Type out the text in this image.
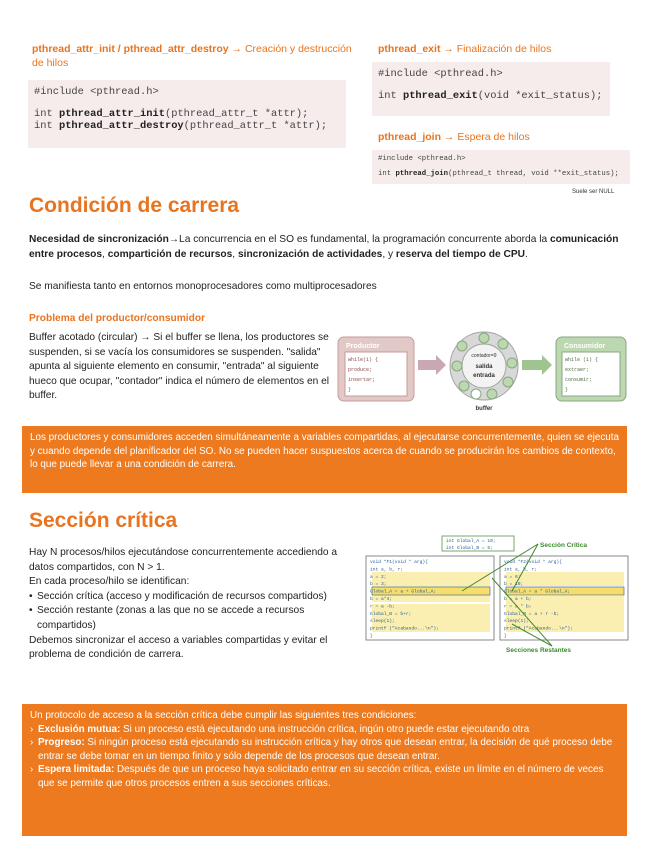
pthread_attr_init / pthread_attr_destroy → Creación y destrucción de hilos
#include <pthread.h>
int pthread_attr_init(pthread_attr_t *attr);
int pthread_attr_destroy(pthread_attr_t *attr);
pthread_exit → Finalización de hilos
#include <pthread.h>
int pthread_exit(void *exit_status);
pthread_join → Espera de hilos
#include <pthread.h>
int pthread_join(pthread_t thread, void **exit_status);
Suele ser NULL
Condición de carrera
Necesidad de sincronización→La concurrencia en el SO es fundamental, la programación concurrente aborda la comunicación entre procesos, compartición de recursos, sincronización de actividades, y reserva del tiempo de CPU.
Se manifiesta tanto en entornos monoprocesadores como multiprocesadores
Problema del productor/consumidor
Buffer acotado (circular) → Si el buffer se llena, los productores se suspenden, si se vacía los consumidores se suspenden. "salida" apunta al siguiente elemento en consumir, "entrada" al siguiente hueco que ocupar, "contador" indica el número de elementos en el buffer.
Productor
while(1) {
produce;
insertar;
}
contador=9
salida
entrada
buffer
Consumidor
while (1) {
extraer;
consumir;
}
Los productores y consumidores acceden simultáneamente a variables compartidas, al ejecutarse concurrentemente, quien se ejecuta y cuando depende del planificador del SO. No se pueden hacer suspuestos acerca de cuando se producirán los cambios de contexto, lo que puede llevar a una condición de carrera.
Sección crítica
Hay N procesos/hilos ejecutándose concurrentemente accediendo a datos compartidos, con N > 1.
En cada proceso/hilo se identifican:
• Sección crítica (acceso y modificación de recursos compartidos)
• Sección restante (zonas a las que no se accede a recursos compartidos)
Debemos sincronizar el acceso a variables compartidas y evitar el problema de condición de carrera.
int Global_A = 10;
int Global_B = 5;	Sección Crítica
void *F1(void * arg){
int a, b, r;
a = 2;
b = 3;
Global_A = a + Global_A;
b = a*4;
r = a -b;
Global_B = b+r;
sleep(1);
printf ("Acabando...\n");
}
void *F2(void * arg){
int a, b, r;
a = 6;
b = 10;
Global_A = a * Global_A;
b = a + b;
r = a * b;
Global_B = a + r -b;
sleep(1);
printf ("Acabando...\n");
}
Secciones Restantes
Un protocolo de acceso a la sección crítica debe cumplir las siguientes tres condiciones:
› Exclusión mutua: Si un proceso está ejecutando una instrucción crítica, ingún otro puede estar ejecutando otra
› Progreso: Si ningún proceso está ejecutando su instrucción crítica y hay otros que desean entrar, la decisión de qué proceso debe entrar se debe tomar en un tiempo finito y sólo depende de los procesos que desean entrar.
› Espera limitada: Después de que un proceso haya solicitado entrar en su sección crítica, existe un límite en el número de veces que se permite que otros procesos entren a sus secciones críticas.
